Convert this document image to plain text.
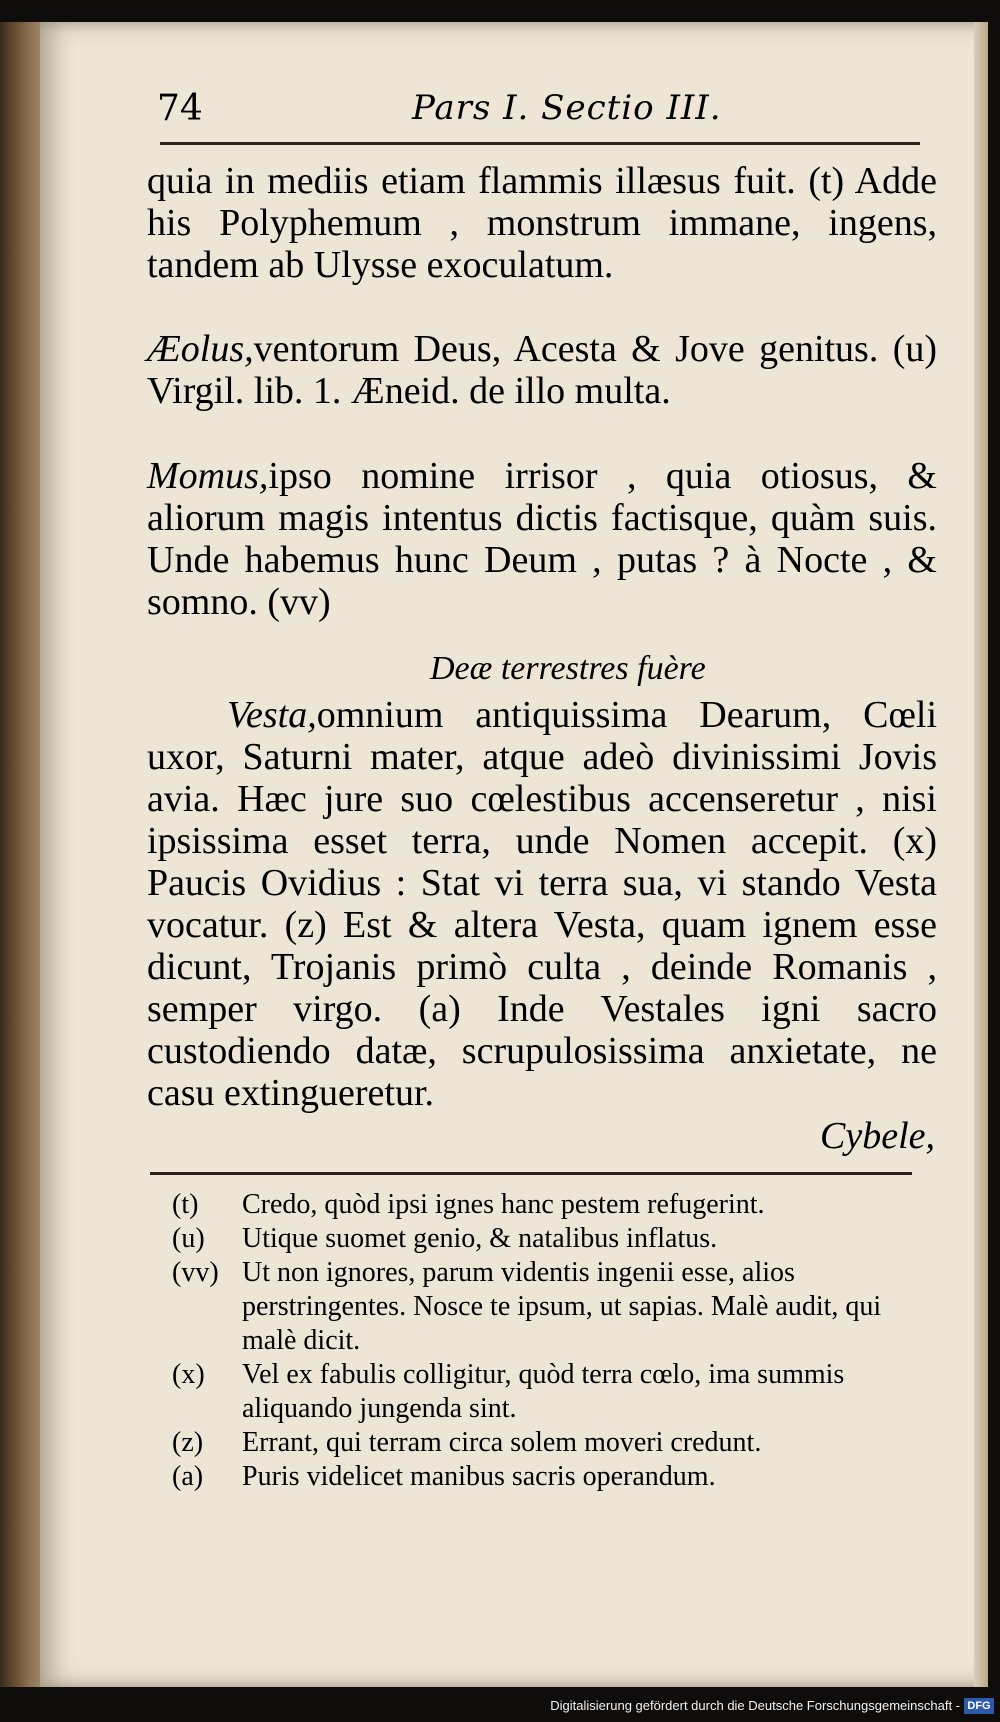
74	Pars I. Sectio III.

quia in mediis etiam flammis illæsus fuit. (t) Adde his Polyphemum , monstrum immane, ingens, tandem ab Ulysse exoculatum.

Æolus,ventorum Deus, Acesta & Jove genitus. (u) Virgil. lib. 1. Æneid. de illo multa.

Momus,ipso nomine irrisor , quia otiosus, & aliorum magis intentus dictis factisque, quàm suis. Unde habemus hunc Deum , putas ? à Nocte , & somno. (vv)

Deæ terrestres fuère

Vesta,omnium antiquissima Dearum, Cœli uxor, Saturni mater, atque adeò divinissimi Jovis avia. Hæc jure suo cœlestibus accenseretur , nisi ipsissima esset terra, unde Nomen accepit. (x) Paucis Ovidius : Stat vi terra sua, vi stando Vesta vocatur. (z) Est & altera Vesta, quam ignem esse dicunt, Trojanis primò culta , deinde Romanis , semper virgo. (a) Inde Vestales igni sacro custodiendo datæ, scrupulosissima anxietate, ne casu extingueretur.

Cybele,
(t) Credo, quòd ipsi ignes hanc pestem refugerint.
(u) Utique suomet genio, & natalibus inflatus.
(vv) Ut non ignores, parum videntis ingenii esse, alios perstringentes. Nosce te ipsum, ut sapias. Malè audit, qui malè dicit.
(x) Vel ex fabulis colligitur, quòd terra cœlo, ima summis aliquando jungenda sint.
(z) Errant, qui terram circa solem moveri credunt.
(a) Puris videlicet manibus sacris operandum.
Digitalisierung gefördert durch die Deutsche Forschungsgemeinschaft - DFG
